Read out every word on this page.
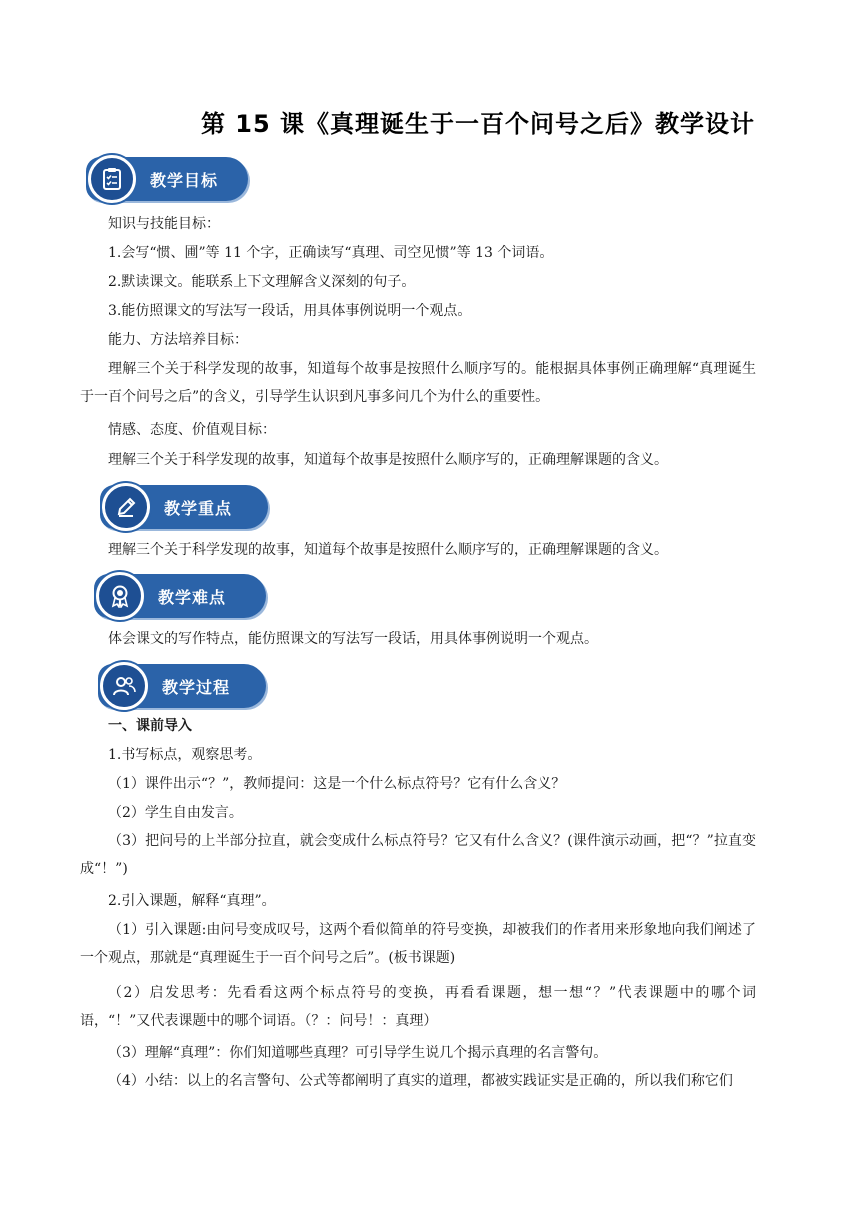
第 15 课《真理诞生于一百个问号之后》教学设计
教学目标
知识与技能目标：
1.会写“惯、圃”等 11 个字，正确读写“真理、司空见惯”等 13 个词语。
2.默读课文。能联系上下文理解含义深刻的句子。
3.能仿照课文的写法写一段话，用具体事例说明一个观点。
能力、方法培养目标：
理解三个关于科学发现的故事，知道每个故事是按照什么顺序写的。能根据具体事例正确理解“真理诞生于一百个问号之后”的含义，引导学生认识到凡事多问几个为什么的重要性。
情感、态度、价值观目标：
理解三个关于科学发现的故事，知道每个故事是按照什么顺序写的，正确理解课题的含义。
教学重点
理解三个关于科学发现的故事，知道每个故事是按照什么顺序写的，正确理解课题的含义。
教学难点
体会课文的写作特点，能仿照课文的写法写一段话，用具体事例说明一个观点。
教学过程
一、课前导入
1.书写标点，观察思考。
（1）课件出示“？”，教师提问：这是一个什么标点符号？它有什么含义？
（2）学生自由发言。
（3）把问号的上半部分拉直，就会变成什么标点符号？它又有什么含义？(课件演示动画，把“？”拉直变成“！”)
2.引入课题，解释“真理”。
（1）引入课题:由问号变成叹号，这两个看似简单的符号变换，却被我们的作者用来形象地向我们阐述了一个观点，那就是“真理诞生于一百个问号之后”。(板书课题)
（2）启发思考：先看看这两个标点符号的变换，再看看课题，想一想“？”代表课题中的哪个词语，“！”又代表课题中的哪个词语。（？：问号！：真理）
（3）理解“真理”：你们知道哪些真理？可引导学生说几个揭示真理的名言警句。
（4）小结：以上的名言警句、公式等都阐明了真实的道理，都被实践证实是正确的，所以我们称它们
